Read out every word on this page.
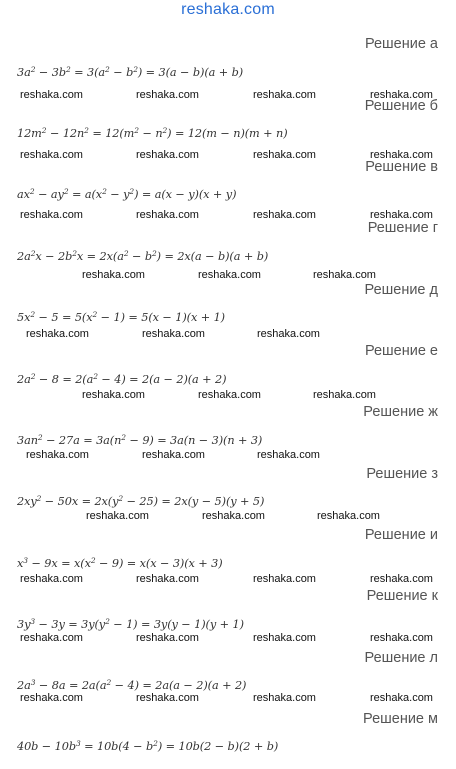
reshaka.com
Решение а
$3a^2 - 3b^2 = 3(a^2 - b^2) = 3(a - b)(a + b)$
Решение б
$12m^2 - 12n^2 = 12(m^2 - n^2) = 12(m - n)(m + n)$
Решение в
$ax^2 - ay^2 = a(x^2 - y^2) = a(x - y)(x + y)$
Решение г
$2a^2x - 2b^2x = 2x(a^2 - b^2) = 2x(a - b)(a + b)$
Решение д
$5x^2 - 5 = 5(x^2 - 1) = 5(x - 1)(x + 1)$
Решение е
$2a^2 - 8 = 2(a^2 - 4) = 2(a - 2)(a + 2)$
Решение ж
$3an^2 - 27a = 3a(n^2 - 9) = 3a(n - 3)(n + 3)$
Решение з
$2xy^2 - 50x = 2x(y^2 - 25) = 2x(y - 5)(y + 5)$
Решение и
$x^3 - 9x = x(x^2 - 9) = x(x - 3)(x + 3)$
Решение к
$3y^3 - 3y = 3y(y^2 - 1) = 3y(y - 1)(y + 1)$
Решение л
$2a^3 - 8a = 2a(a^2 - 4) = 2a(a - 2)(a + 2)$
Решение м
$40b - 10b^3 = 10b(4 - b^2) = 10b(2 - b)(2 + b)$
reshaka.com	reshaka.com	reshaka.com	reshaka.com
reshaka.com	reshaka.com	reshaka.com	reshaka.com
reshaka.com	reshaka.com	reshaka.com	reshaka.com
reshaka.com	reshaka.com	reshaka.com
reshaka.com	reshaka.com	reshaka.com
reshaka.com	reshaka.com	reshaka.com
reshaka.com	reshaka.com	reshaka.com
reshaka.com	reshaka.com	reshaka.com
reshaka.com	reshaka.com	reshaka.com	reshaka.com
reshaka.com	reshaka.com	reshaka.com	reshaka.com
reshaka.com	reshaka.com	reshaka.com	reshaka.com
